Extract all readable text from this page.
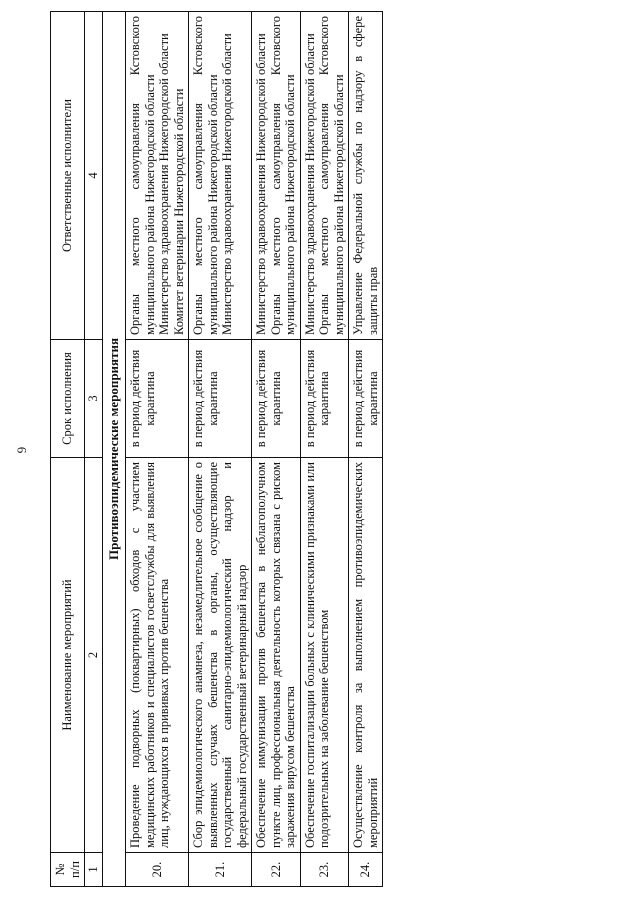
6
№ п/п	Наименование мероприятий	Срок исполнения	Ответственные исполнители
1	2	3	4
Противоэпидемические мероприятия			
20.	Проведение подворных (поквартирных) обходов с участием медицинских работников и специалистов госветслужбы для выявления лиц, нуждающихся в прививках против бешенства	в период действия карантина	Органы местного самоуправления Кстовского муниципального района Нижегородской области Министерство здравоохранения Нижегородской области Комитет ветеринарии Нижегородской области

21.	Сбор эпидемиологического анамнеза, незамедлительное сообщение о выявленных случаях бешенства в органы, осуществляющие государственный санитарно-эпидемиологический надзор и федеральный государственный ветеринарный надзор	в период действия карантина	Органы местного самоуправления Кстовского муниципального района Нижегородской области Министерство здравоохранения Нижегородской области

22.	Обеспечение иммунизации против бешенства в неблагополучном пункте лиц, профессиональная деятельность которых связана с риском заражения вирусом бешенства	в период действия карантина	Министерство здравоохранения Нижегородской области Органы местного самоуправления Кстовского муниципального района Нижегородской области

23.	Обеспечение госпитализации больных с клиническими признаками или подозрительных на заболевание бешенством	в период действия карантина	Министерство здравоохранения Нижегородской области Органы местного самоуправления Кстовского муниципального района Нижегородской области

24.	Осуществление контроля за выполнением противоэпидемических мероприятий	в период действия карантина	Управление Федеральной службы по надзору в сфере защиты прав
